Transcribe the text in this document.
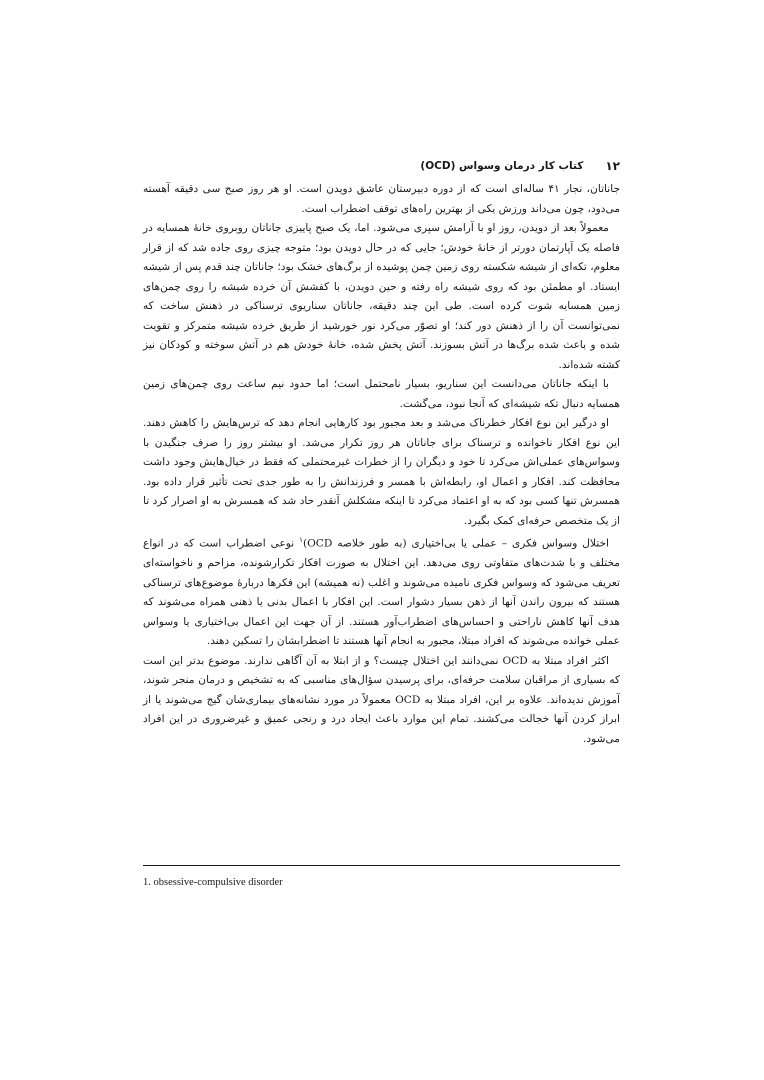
۱۲
کتاب کار درمان وسواس (OCD)

جاناتان، نجار ۴۱ ساله‌ای است که از دوره دبیرستان عاشق دویدن است. او هر روز صبح سی دقیقه آهسته می‌دود، چون می‌داند ورزش یکی از بهترین راه‌های توقف اضطراب است.

معمولاً بعد از دویدن، روز او با آرامش سپری می‌شود. اما، یک صبح پاییزی جاناتان روبروی خانهٔ همسایه در فاصله یک آپارتمان دورتر از خانهٔ خودش؛ جایی که در حال دویدن بود؛ متوجه چیزی روی جاده شد که از قرار معلوم، تکه‌ای از شیشه شکسته روی زمین چمن پوشیده از برگ‌های خشک بود؛ جاناتان چند قدم پس از شیشه ایستاد. او مطمئن بود که روی شیشه راه رفته و حین دویدن، با کفشش آن خرده شیشه را روی چمن‌های زمین همسایه شوت کرده است. طی این چند دقیقه، جاناتان سناریوی ترسناکی در ذهنش ساخت که نمی‌توانست آن را از ذهنش دور کند؛ او تصوّر می‌کرد نور خورشید از طریق خرده شیشه متمرکز و تقویت شده و باعث شده برگ‌ها در آتش بسوزند. آتش پخش شده، خانهٔ خودش هم در آتش سوخته و کودکان نیز کشته شده‌اند.

با اینکه جاناتان می‌دانست این سناریو، بسیار نامحتمل است؛ اما حدود نیم ساعت روی چمن‌های زمین همسایه دنبال تکه شیشه‌ای که آنجا نبود، می‌گشت.

او درگیر این نوع افکار خطرناک می‌شد و بعد مجبور بود کارهایی انجام دهد که ترس‌هایش را کاهش دهند. این نوع افکار ناخوانده و ترسناک برای جاناتان هر روز تکرار می‌شد. او بیشتر روز را صرف جنگیدن با وسواس‌های عملی‌اش می‌کرد تا خود و دیگران را از خطرات غیرمحتملی که فقط در خیال‌هایش وجود داشت محافظت کند. افکار و اعمال او، رابطه‌اش با همسر و فرزندانش را به طور جدی تحت تأثیر قرار داده بود. همسرش تنها کسی بود که به او اعتماد می‌کرد تا اینکه مشکلش آنقدر حاد شد که همسرش به او اصرار کرد تا از یک متخصص حرفه‌ای کمک بگیرد.

اختلال وسواس فکری – عملی یا بی‌اختیاری (به طور خلاصه OCD)$^۱$ نوعی اضطراب است که در انواع مختلف و با شدت‌های متفاوتی روی می‌دهد. این اختلال به صورت افکار تکرارشونده، مزاحم و ناخواسته‌ای تعریف می‌شود که وسواس فکری نامیده می‌شوند و اغلب (نه همیشه) این فکرها دربارهٔ موضوع‌های ترسناکی هستند که بیرون راندن آنها از ذهن بسیار دشوار است. این افکار با اعمال بدنی یا ذهنی همراه می‌شوند که هدف آنها کاهش ناراحتی و احساس‌های اضطراب‌آور هستند. از آن جهت این اعمال بی‌اختیاری یا وسواس عملی خوانده می‌شوند که افراد مبتلا، مجبور به انجام آنها هستند تا اضطرابشان را تسکین دهند.

اکثر افراد مبتلا به OCD نمی‌دانند این اختلال چیست؟ و از ابتلا به آن آگاهی ندارند. موضوع بدتر این است که بسیاری از مراقبان سلامت حرفه‌ای، برای پرسیدن سؤال‌های مناسبی که به تشخیص و درمان منجر شوند، آموزش ندیده‌اند. علاوه بر این، افراد مبتلا به OCD معمولاً در مورد نشانه‌های بیماری‌شان گیج می‌شوند یا از ابراز کردن آنها خجالت می‌کشند. تمام این موارد باعث ایجاد درد و رنجی عمیق و غیرضروری در این افراد می‌شود.

1. obsessive-compulsive disorder
